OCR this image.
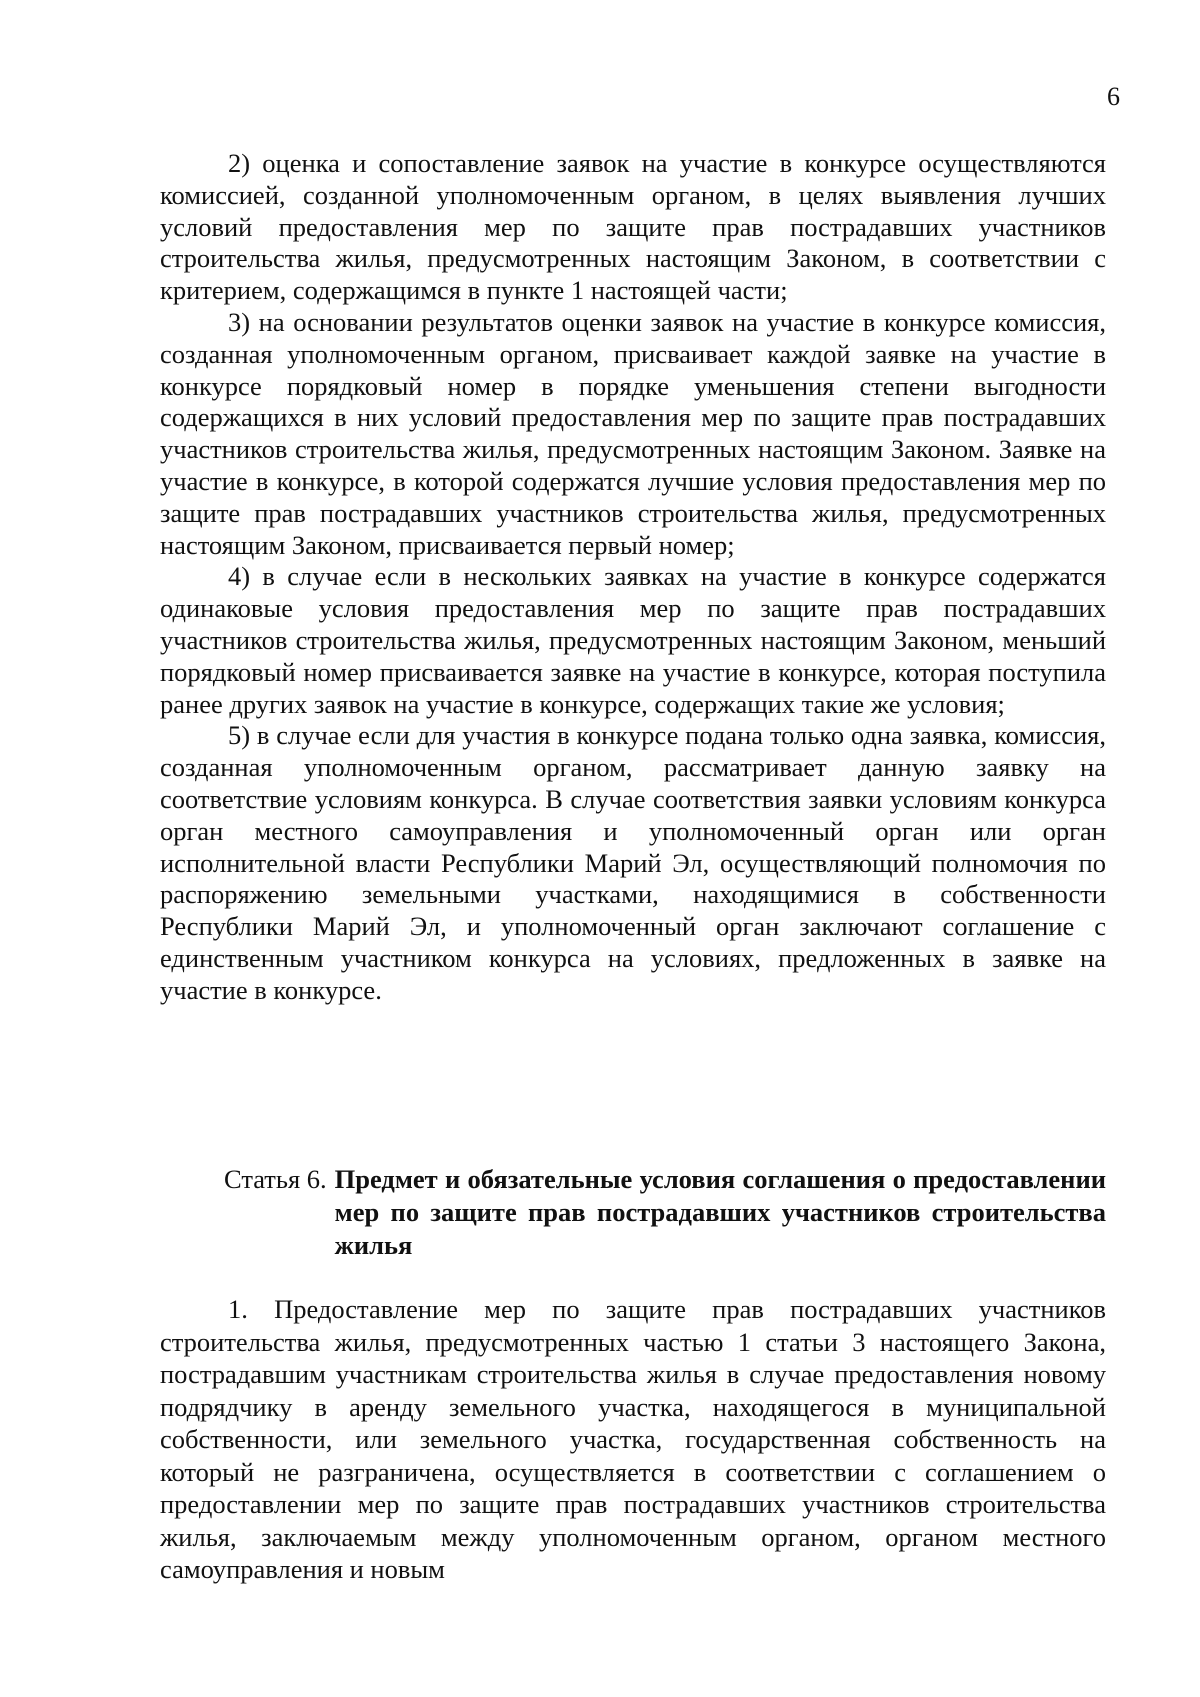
6

2) оценка и сопоставление заявок на участие в конкурсе осуществляются комиссией, созданной уполномоченным органом, в целях выявления лучших условий предоставления мер по защите прав пострадавших участников строительства жилья, предусмотренных настоящим Законом, в соответствии с критерием, содержащимся в пункте 1 настоящей части;

3) на основании результатов оценки заявок на участие в конкурсе комиссия, созданная уполномоченным органом, присваивает каждой заявке на участие в конкурсе порядковый номер в порядке уменьшения степени выгодности содержащихся в них условий предоставления мер по защите прав пострадавших участников строительства жилья, предусмотренных настоящим Законом. Заявке на участие в конкурсе, в которой содержатся лучшие условия предоставления мер по защите прав пострадавших участников строительства жилья, предусмотренных настоящим Законом, присваивается первый номер;

4) в случае если в нескольких заявках на участие в конкурсе содержатся одинаковые условия предоставления мер по защите прав пострадавших участников строительства жилья, предусмотренных настоящим Законом, меньший порядковый номер присваивается заявке на участие в конкурсе, которая поступила ранее других заявок на участие в конкурсе, содержащих такие же условия;

5) в случае если для участия в конкурсе подана только одна заявка, комиссия, созданная уполномоченным органом, рассматривает данную заявку на соответствие условиям конкурса. В случае соответствия заявки условиям конкурса орган местного самоуправления и уполномоченный орган или орган исполнительной власти Республики Марий Эл, осуществляющий полномочия по распоряжению земельными участками, находящимися в собственности Республики Марий Эл, и уполномоченный орган заключают соглашение с единственным участником конкурса на условиях, предложенных в заявке на участие в конкурсе.

Статья 6. Предмет и обязательные условия соглашения о предоставлении мер по защите прав пострадавших участников строительства жилья

1. Предоставление мер по защите прав пострадавших участников строительства жилья, предусмотренных частью 1 статьи 3 настоящего Закона, пострадавшим участникам строительства жилья в случае предоставления новому подрядчику в аренду земельного участка, находящегося в муниципальной собственности, или земельного участка, государственная собственность на который не разграничена, осуществляется в соответствии с соглашением о предоставлении мер по защите прав пострадавших участников строительства жилья, заключаемым между уполномоченным органом, органом местного самоуправления и новым
